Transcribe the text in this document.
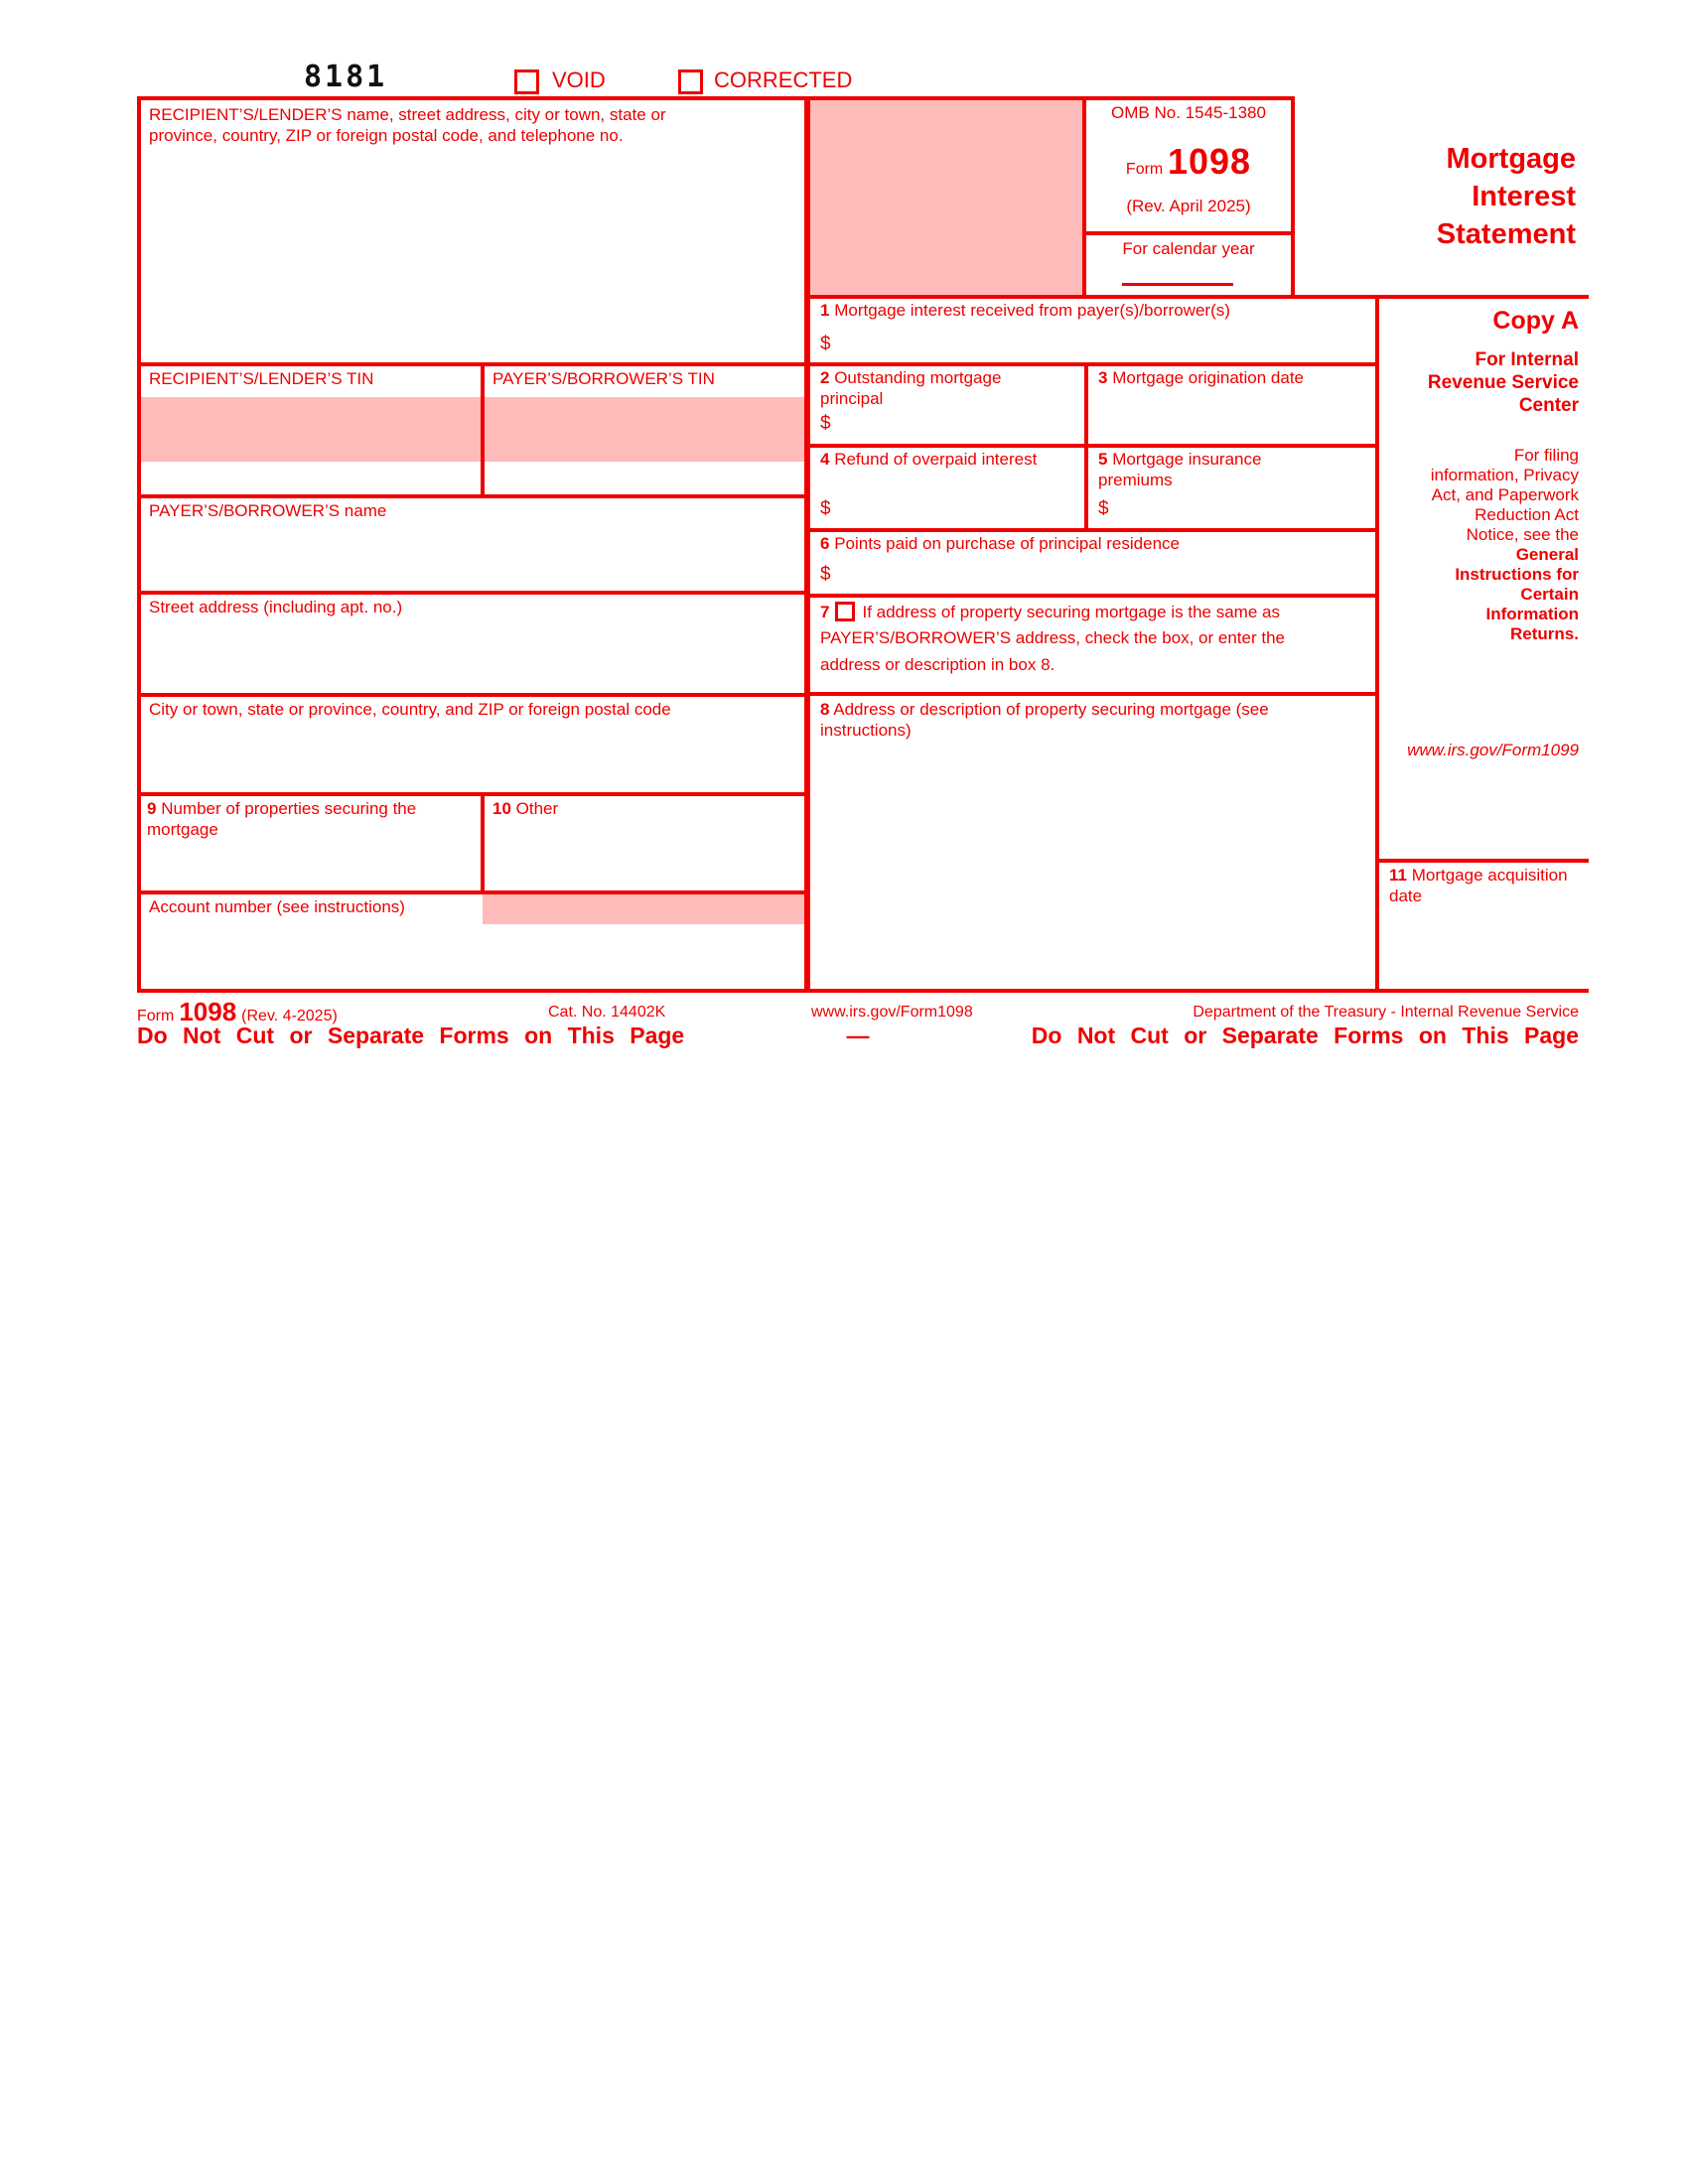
8181	VOID	CORRECTED
OMB No. 1545-1380
Form 1098
(Rev. April 2025)
For calendar year
Mortgage Interest Statement
RECIPIENT’S/LENDER’S name, street address, city or town, state or province, country, ZIP or foreign postal code, and telephone no.
RECIPIENT’S/LENDER’S TIN	PAYER’S/BORROWER’S TIN
PAYER’S/BORROWER’S name
Street address (including apt. no.)
City or town, state or province, country, and ZIP or foreign postal code
9 Number of properties securing the mortgage
10 Other
Account number (see instructions)
1 Mortgage interest received from payer(s)/borrower(s)
$
2 Outstanding mortgage principal
$
3 Mortgage origination date
4 Refund of overpaid interest
$
5 Mortgage insurance premiums
$
6 Points paid on purchase of principal residence
$
7 If address of property securing mortgage is the same as PAYER’S/BORROWER’S address, check the box, or enter the address or description in box 8.
8 Address or description of property securing mortgage (see instructions)
Copy A
For Internal Revenue Service Center
For filing information, Privacy Act, and Paperwork Reduction Act Notice, see the
General Instructions for Certain Information Returns.
www.irs.gov/Form1099
11 Mortgage acquisition date
Form 1098 (Rev. 4-2025)	Cat. No. 14402K	www.irs.gov/Form1098	Department of the Treasury - Internal Revenue Service
Do Not Cut or Separate Forms on This Page	—	Do Not Cut or Separate Forms on This Page
